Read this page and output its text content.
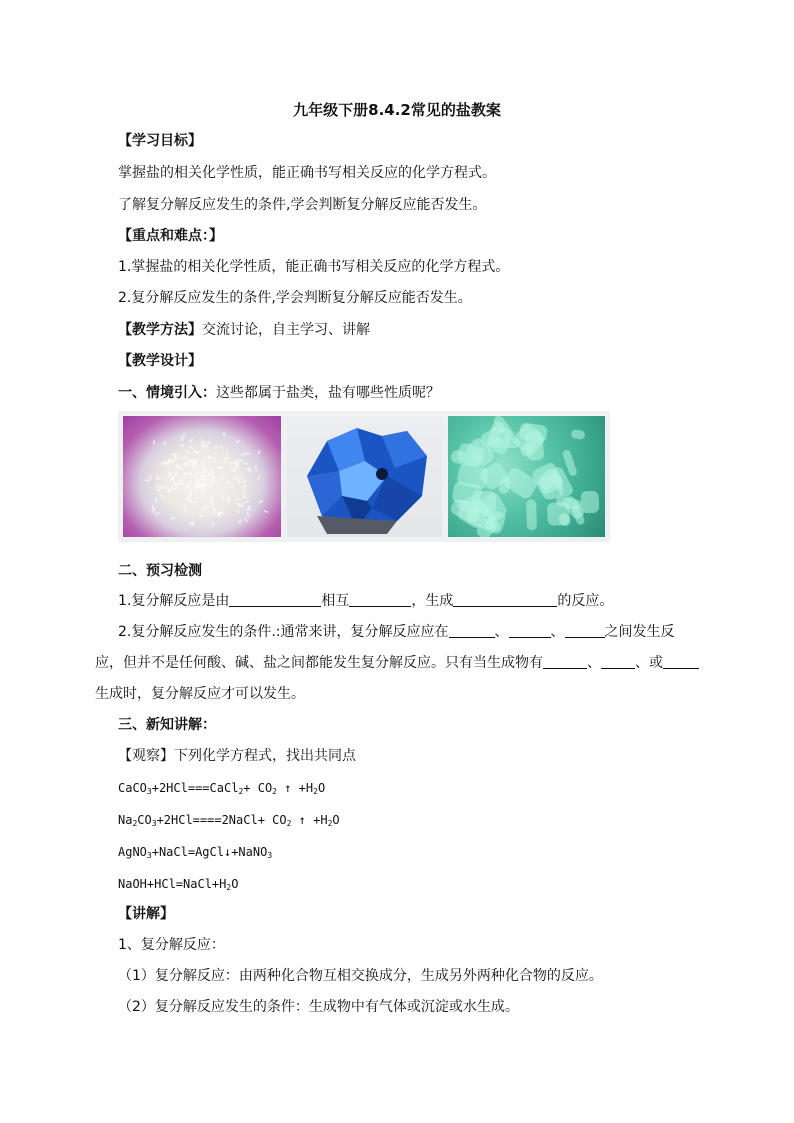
九年级下册8.4.2常见的盐教案
【学习目标】
掌握盐的相关化学性质，能正确书写相关反应的化学方程式。
了解复分解反应发生的条件,学会判断复分解反应能否发生。
【重点和难点：】
1.掌握盐的相关化学性质，能正确书写相关反应的化学方程式。
2.复分解反应发生的条件,学会判断复分解反应能否发生。
【教学方法】交流讨论，自主学习、讲解
【教学设计】
一、情境引入：这些都属于盐类，盐有哪些性质呢？
二、预习检测
1.复分解反应是由	相互	，生成	的反应。
2.复分解反应发生的条件.:通常来讲，复分解反应应在	、	、	之间发生反
应，但并不是任何酸、碱、盐之间都能发生复分解反应。只有当生成物有	、 、或
生成时，复分解反应才可以发生。
三、新知讲解：
【观察】下列化学方程式，找出共同点
CaCO$_3$+2HCl===CaCl$_2$+ $CO_2$ ↑ $+H_2O$
$Na_2CO_3+2HCl====2NaCl+ CO_2$ ↑ $+H_2O$
AgNO$_3$+NaCl=AgCl↓+NaNO$_3$
$NaOH+HCl=NaCl+H_2O$
【讲解】
1、复分解反应：
（1）复分解反应：由两种化合物互相交换成分，生成另外两种化合物的反应。
（2）复分解反应发生的条件：生成物中有气体或沉淀或水生成。
